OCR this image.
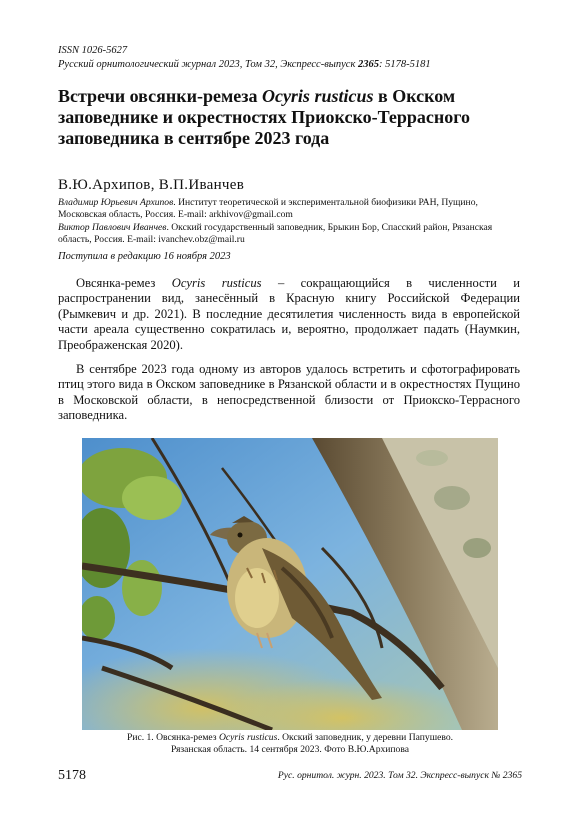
ISSN 1026-5627
Русский орнитологический журнал 2023, Том 32, Экспресс-выпуск 2365: 5178-5181
Встречи овсянки-ремеза Ocyris rusticus в Окском заповеднике и окрестностях Приокско-Террасного заповедника в сентябре 2023 года
В.Ю.Архипов, В.П.Иванчев
Владимир Юрьевич Архипов. Институт теоретической и экспериментальной биофизики РАН, Пущино, Московская область, Россия. E-mail: arkhivov@gmail.com
Виктор Павлович Иванчев. Окский государственный заповедник, Брыкин Бор, Спасский район, Рязанская область, Россия. E-mail: ivanchev.obz@mail.ru
Поступила в редакцию 16 ноября 2023

Овсянка-ремез Ocyris rusticus – сокращающийся в численности и распространении вид, занесённый в Красную книгу Российской Федерации (Рымкевич и др. 2021). В последние десятилетия численность вида в европейской части ареала существенно сократилась и, вероятно, продолжает падать (Наумкин, Преображенская 2020).

В сентябре 2023 года одному из авторов удалось встретить и сфотографировать птиц этого вида в Окском заповеднике в Рязанской области и в окрестностях Пущино в Московской области, в непосредственной близости от Приокско-Террасного заповедника.

Рис. 1. Овсянка-ремез Ocyris rusticus. Окский заповедник, у деревни Папушево.
Рязанская область. 14 сентября 2023. Фото В.Ю.Архипова
5178	Рус. орнитол. журн. 2023. Том 32. Экспресс-выпуск № 2365
